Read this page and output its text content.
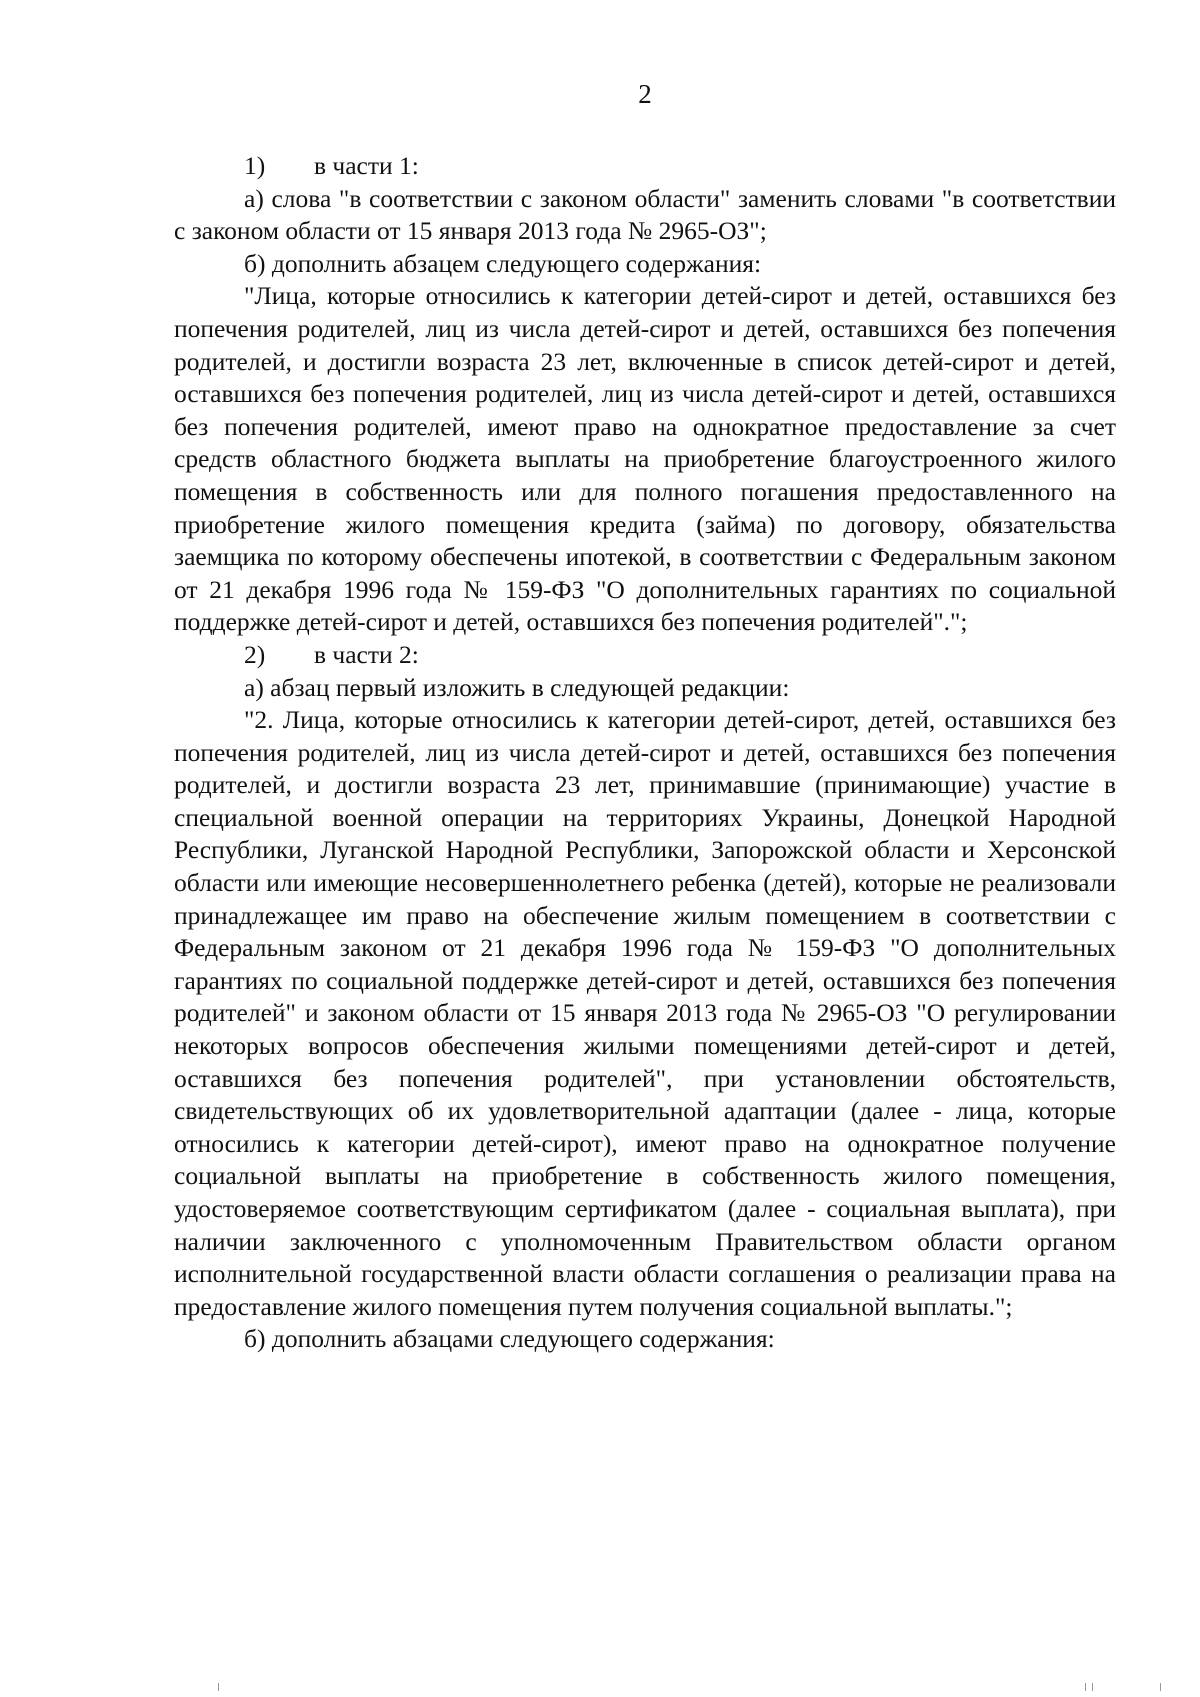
2

1)	в части 1:

а) слова "в соответствии с законом области" заменить словами "в соответствии с законом области от 15 января 2013 года № 2965-ОЗ";

б) дополнить абзацем следующего содержания:

"Лица, которые относились к категории детей-сирот и детей, оставшихся без попечения родителей, лиц из числа детей-сирот и детей, оставшихся без попечения родителей, и достигли возраста 23 лет, включенные в список детей-сирот и детей, оставшихся без попечения родителей, лиц из числа детей-сирот и детей, оставшихся без попечения родителей, имеют право на однократное предоставление за счет средств областного бюджета выплаты на приобретение благоустроенного жилого помещения в собственность или для полного погашения предоставленного на приобретение жилого помещения кредита (займа) по договору, обязательства заемщика по которому обеспечены ипотекой, в соответствии с Федеральным законом от 21 декабря 1996 года № 159-ФЗ "О дополнительных гарантиях по социальной поддержке детей-сирот и детей, оставшихся без попечения родителей".";

2)	в части 2:

а) абзац первый изложить в следующей редакции:

"2. Лица, которые относились к категории детей-сирот, детей, оставшихся без попечения родителей, лиц из числа детей-сирот и детей, оставшихся без попечения родителей, и достигли возраста 23 лет, принимавшие (принимающие) участие в специальной военной операции на территориях Украины, Донецкой Народной Республики, Луганской Народной Республики, Запорожской области и Херсонской области или имеющие несовершеннолетнего ребенка (детей), которые не реализовали принадлежащее им право на обеспечение жилым помещением в соответствии с Федеральным законом от 21 декабря 1996 года № 159-ФЗ "О дополнительных гарантиях по социальной поддержке детей-сирот и детей, оставшихся без попечения родителей" и законом области от 15 января 2013 года № 2965-ОЗ "О регулировании некоторых вопросов обеспечения жилыми помещениями детей-сирот и детей, оставшихся без попечения родителей", при установлении обстоятельств, свидетельствующих об их удовлетворительной адаптации (далее - лица, которые относились к категории детей-сирот), имеют право на однократное получение социальной выплаты на приобретение в собственность жилого помещения, удостоверяемое соответствующим сертификатом (далее - социальная выплата), при наличии заключенного с уполномоченным Правительством области органом исполнительной государственной власти области соглашения о реализации права на предоставление жилого помещения путем получения социальной выплаты.";

б) дополнить абзацами следующего содержания:
